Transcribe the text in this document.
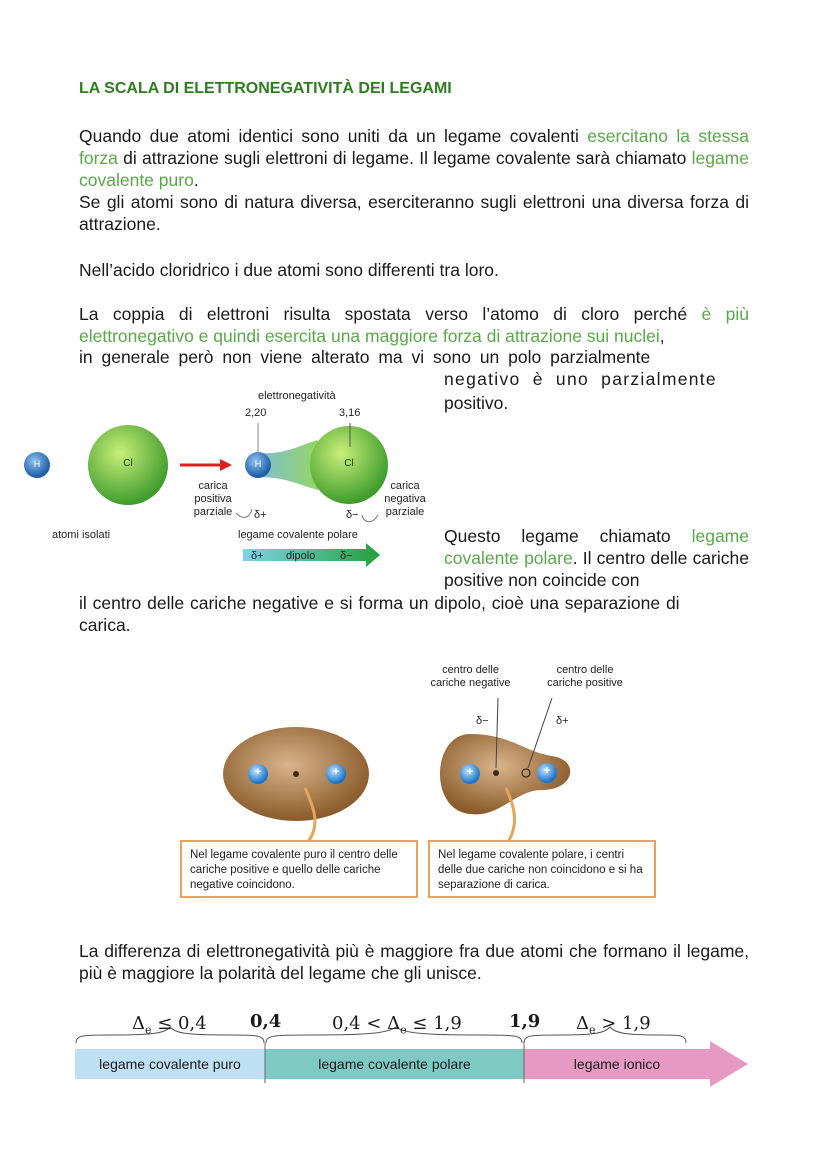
LA SCALA DI ELETTRONEGATIVITÀ DEI LEGAMI
Quando due atomi identici sono uniti da un legame covalenti esercitano la stessa forza di attrazione sugli elettroni di legame. Il legame covalente sarà chiamato legame covalente puro.
Se gli atomi sono di natura diversa, eserciteranno sugli elettroni una diversa forza di attrazione.
Nell’acido cloridrico i due atomi sono differenti tra loro.
La coppia di elettroni risulta spostata verso l’atomo di cloro perché è più elettronegativo e quindi esercita una maggiore forza di attrazione sui nuclei,
in generale però non viene alterato ma vi sono un polo parzialmente
negativo è uno parzialmente
positivo.
H	Cl	H	Cl
elettronegatività
2,20	3,16
carica
positiva
parziale
carica
negativa
parziale
δ+	δ−
atomi isolati	legame covalente polare
δ+ dipolo δ−
Questo legame chiamato legame covalente polare. Il centro delle cariche positive non coincide con
il centro delle cariche negative e si forma un dipolo, cioè una separazione di
carica.
+	+	+	+
centro delle
cariche negative
centro delle
cariche positive
δ−	δ+
Nel legame covalente puro il centro delle cariche positive e quello delle cariche negative coincidono.
Nel legame covalente polare, i centri delle due cariche non coincidono e si ha separazione di carica.
La differenza di elettronegatività più è maggiore fra due atomi che formano il legame, più è maggiore la polarità del legame che gli unisce.
$\Delta_e \le 0,4$ 0,4	$0,4 < \Delta_e \le 1,9$	1,9 $\Delta_e > 1,9$
legame covalente puro	legame covalente polare	legame ionico
